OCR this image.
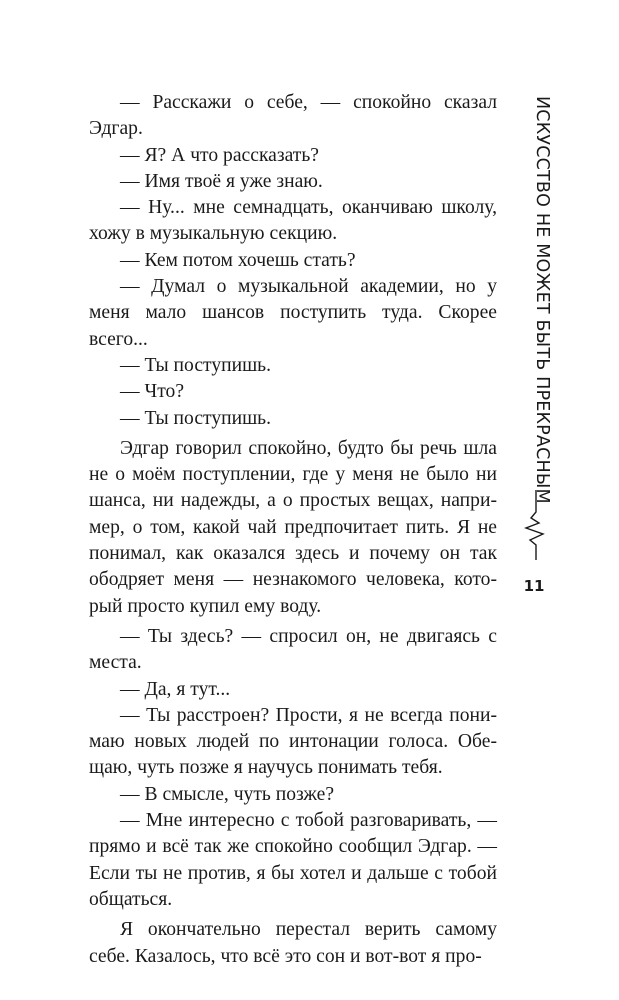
— Расскажи о себе, — спокойно сказал Эдгар.

— Я? А что рассказать?

— Имя твоё я уже знаю.

— Ну... мне семнадцать, оканчиваю школу, хожу в музыкальную секцию.

— Кем потом хочешь стать?

— Думал о музыкальной академии, но у меня мало шансов поступить туда. Скорее всего...

— Ты поступишь.

— Что?

— Ты поступишь.

Эдгар говорил спокойно, будто бы речь шла не о моём поступлении, где у меня не было ни шанса, ни надежды, а о простых вещах, например, о том, какой чай предпочитает пить. Я не понимал, как оказался здесь и почему он так ободряет меня — незнакомого человека, который просто купил ему воду.

— Ты здесь? — спросил он, не двигаясь с места.

— Да, я тут...

— Ты расстроен? Прости, я не всегда понимаю новых людей по интонации голоса. Обещаю, чуть позже я научусь понимать тебя.

— В смысле, чуть позже?

— Мне интересно с тобой разговаривать, — прямо и всё так же спокойно сообщил Эдгар. — Если ты не против, я бы хотел и дальше с тобой общаться.

Я окончательно перестал верить самому себе. Казалось, что всё это сон и вот-вот я про-

ИСКУССТВО НЕ МОЖЕТ БЫТЬ ПРЕКРАСНЫМ
11
